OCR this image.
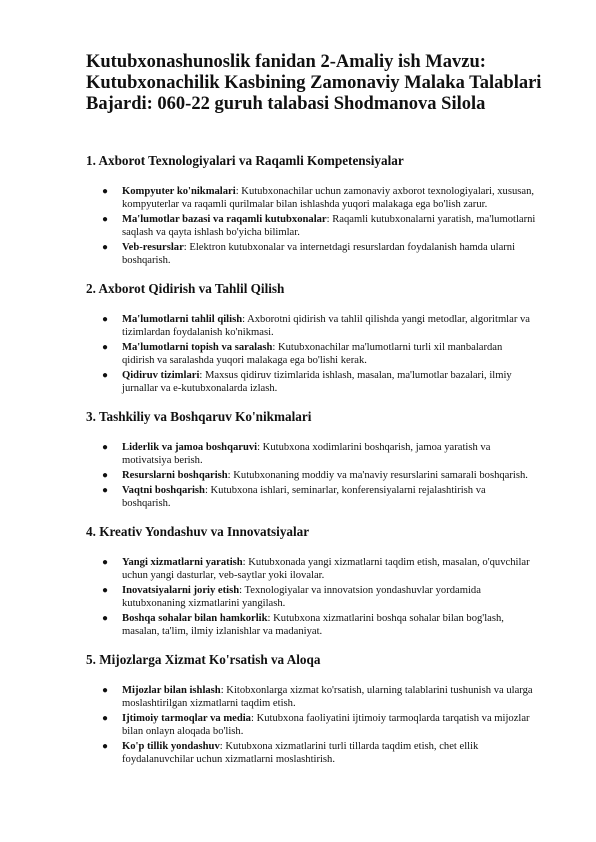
Kutubxonashunoslik fanidan 2-Amaliy ish Mavzu:
Kutubxonachilik Kasbining Zamonaviy Malaka Talablari
Bajardi: 060-22 guruh talabasi Shodmanova Silola
1. Axborot Texnologiyalari va Raqamli Kompetensiyalar
● Kompyuter ko'nikmalari: Kutubxonachilar uchun zamonaviy axborot texnologiyalari, xususan, kompyuterlar va raqamli qurilmalar bilan ishlashda yuqori malakaga ega bo'lish zarur.
● Ma'lumotlar bazasi va raqamli kutubxonalar: Raqamli kutubxonalarni yaratish, ma'lumotlarni saqlash va qayta ishlash bo'yicha bilimlar.
● Veb-resurslar: Elektron kutubxonalar va internetdagi resurslardan foydalanish hamda ularni boshqarish.
2. Axborot Qidirish va Tahlil Qilish
● Ma'lumotlarni tahlil qilish: Axborotni qidirish va tahlil qilishda yangi metodlar, algoritmlar va tizimlardan foydalanish ko'nikmasi.
● Ma'lumotlarni topish va saralash: Kutubxonachilar ma'lumotlarni turli xil manbalardan qidirish va saralashda yuqori malakaga ega bo'lishi kerak.
● Qidiruv tizimlari: Maxsus qidiruv tizimlarida ishlash, masalan, ma'lumotlar bazalari, ilmiy jurnallar va e-kutubxonalarda izlash.
3. Tashkiliy va Boshqaruv Ko'nikmalari
● Liderlik va jamoa boshqaruvi: Kutubxona xodimlarini boshqarish, jamoa yaratish va motivatsiya berish.
● Resurslarni boshqarish: Kutubxonaning moddiy va ma'naviy resurslarini samarali boshqarish.
● Vaqtni boshqarish: Kutubxona ishlari, seminarlar, konferensiyalarni rejalashtirish va boshqarish.
4. Kreativ Yondashuv va Innovatsiyalar
● Yangi xizmatlarni yaratish: Kutubxonada yangi xizmatlarni taqdim etish, masalan, o'quvchilar uchun yangi dasturlar, veb-saytlar yoki ilovalar.
● Inovatsiyalarni joriy etish: Texnologiyalar va innovatsion yondashuvlar yordamida kutubxonaning xizmatlarini yangilash.
● Boshqa sohalar bilan hamkorlik: Kutubxona xizmatlarini boshqa sohalar bilan bog'lash, masalan, ta'lim, ilmiy izlanishlar va madaniyat.
5. Mijozlarga Xizmat Ko'rsatish va Aloqa
● Mijozlar bilan ishlash: Kitobxonlarga xizmat ko'rsatish, ularning talablarini tushunish va ularga moslashtirilgan xizmatlarni taqdim etish.
● Ijtimoiy tarmoqlar va media: Kutubxona faoliyatini ijtimoiy tarmoqlarda tarqatish va mijozlar bilan onlayn aloqada bo'lish.
● Ko'p tillik yondashuv: Kutubxona xizmatlarini turli tillarda taqdim etish, chet ellik foydalanuvchilar uchun xizmatlarni moslashtirish.
